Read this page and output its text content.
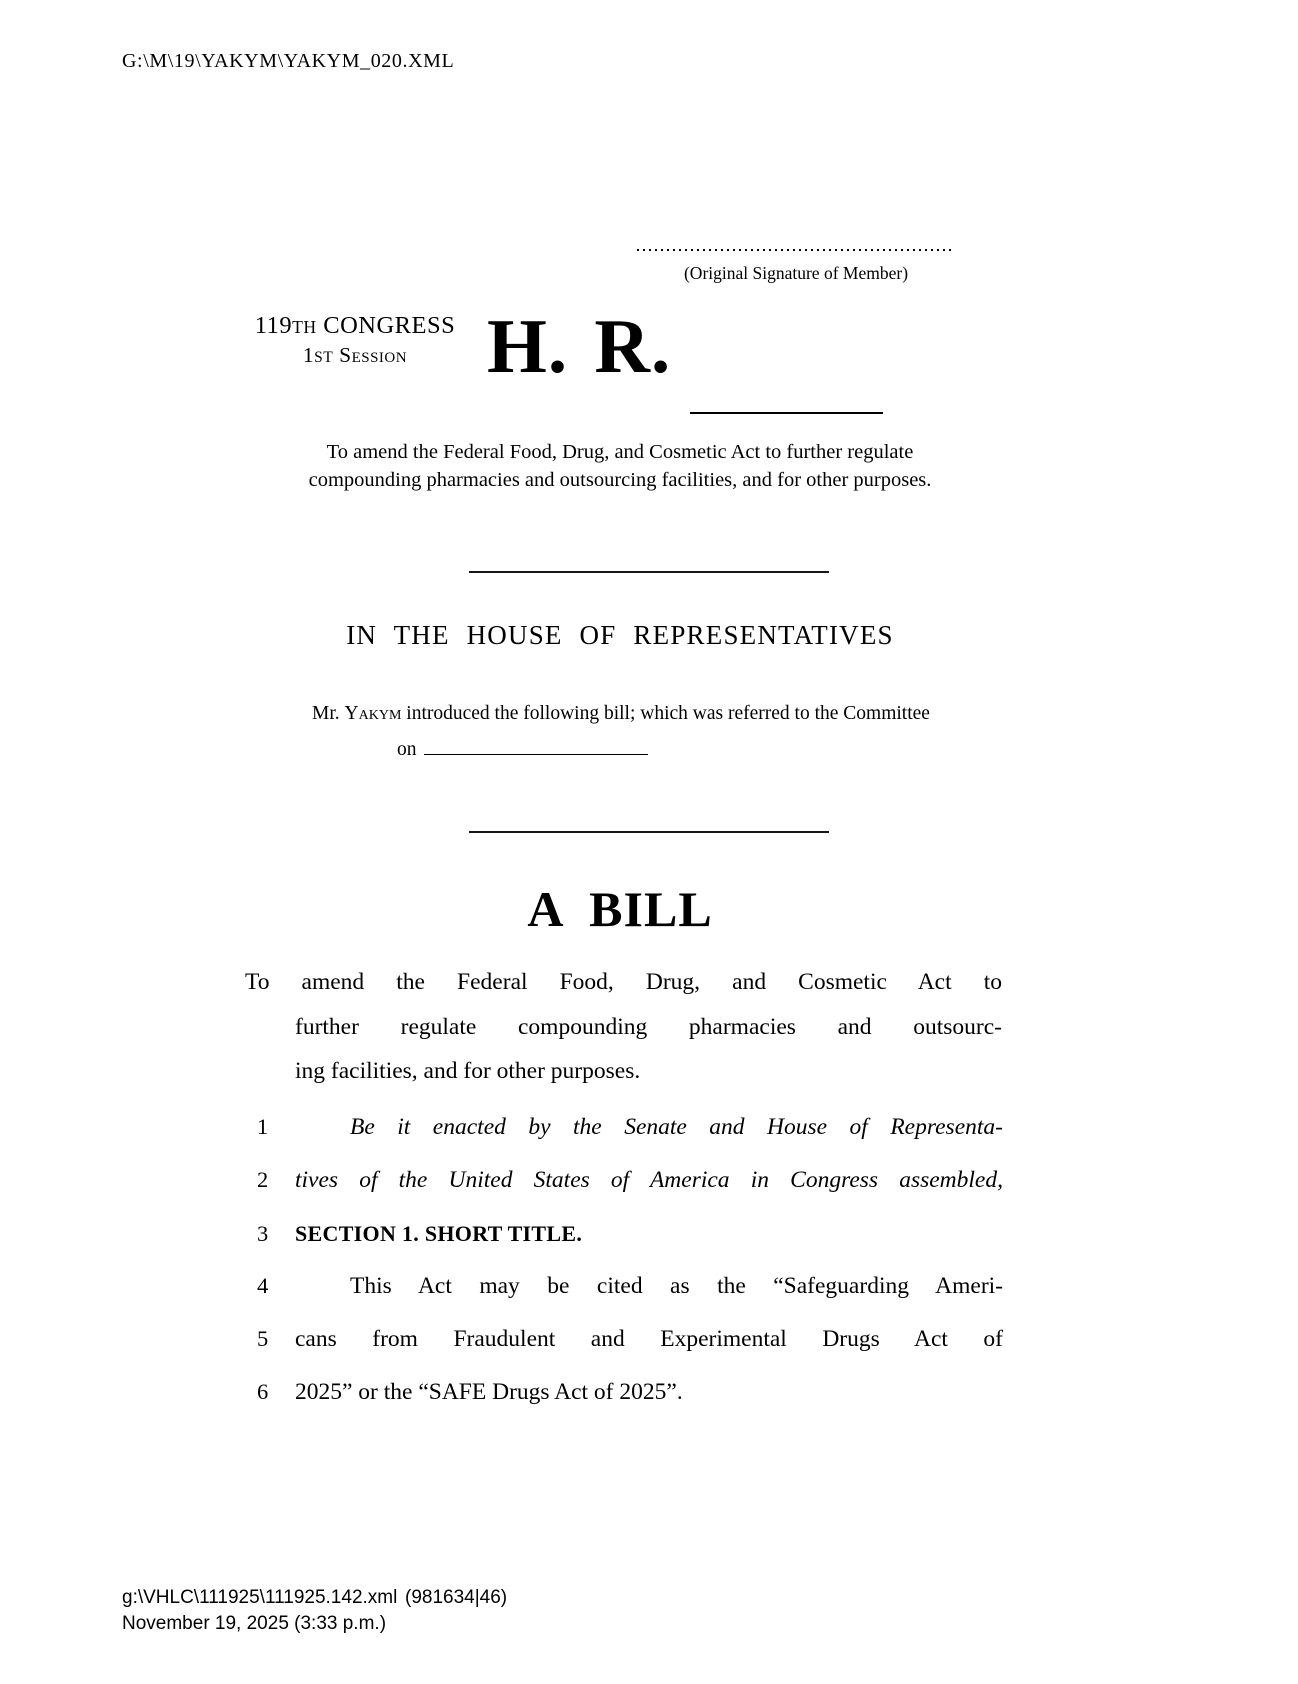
G:\M\19\YAKYM\YAKYM_020.XML
(Original Signature of Member)
119TH CONGRESS
1ST Session	H. R.
To amend the Federal Food, Drug, and Cosmetic Act to further regulate
compounding pharmacies and outsourcing facilities, and for other purposes.
IN THE HOUSE OF REPRESENTATIVES
Mr. Yakym introduced the following bill; which was referred to the Committee
on
A BILL
To amend the Federal Food, Drug, and Cosmetic Act to
further regulate compounding pharmacies and outsourc-
ing facilities, and for other purposes.
1	Be it enacted by the Senate and House of Representa-
2	tives of the United States of America in Congress assembled,
3	SECTION 1. SHORT TITLE.
4	This Act may be cited as the “Safeguarding Ameri-
5	cans from Fraudulent and Experimental Drugs Act of
6	2025” or the “SAFE Drugs Act of 2025”.
g:\VHLC\111925\111925.142.xml (981634|46)
November 19, 2025 (3:33 p.m.)
